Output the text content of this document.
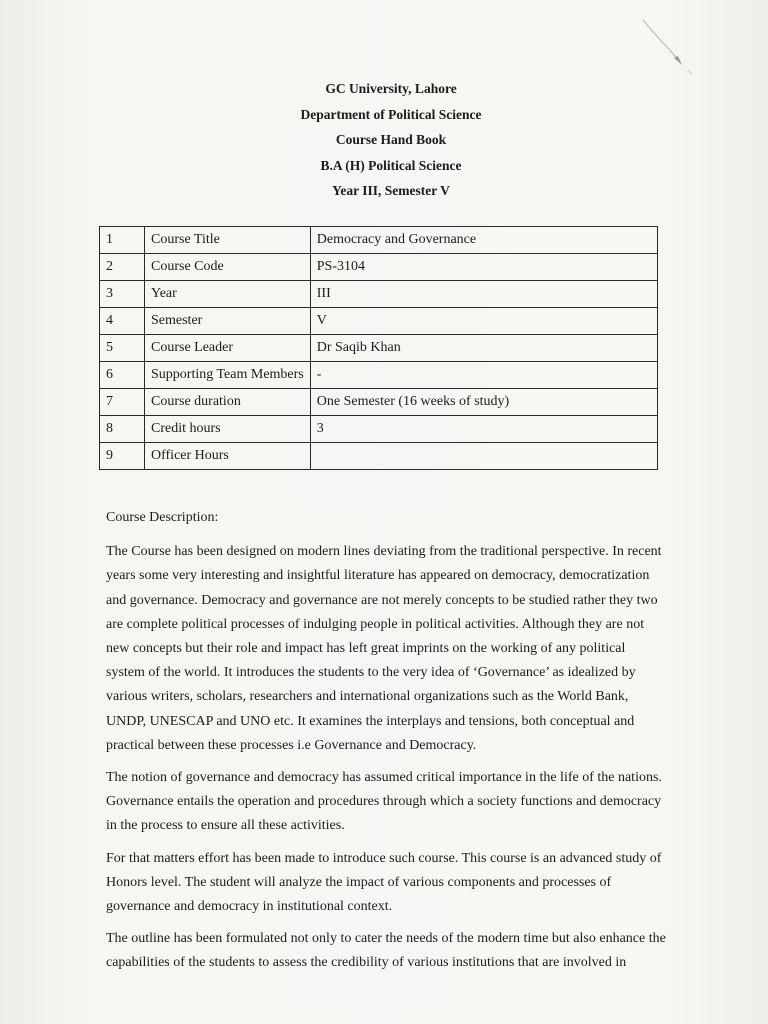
GC University, Lahore
Department of Political Science
Course Hand Book
B.A (H) Political Science
Year III, Semester V
1	Course Title	Democracy and Governance
2	Course Code	PS-3104
3	Year	III
4	Semester	V
5	Course Leader	Dr Saqib Khan
6	Supporting Team Members	-
7	Course duration	One Semester (16 weeks of study)
8	Credit hours	3
9	Officer Hours	

Course Description:

The Course has been designed on modern lines deviating from the traditional perspective. In recent years some very interesting and insightful literature has appeared on democracy, democratization and governance. Democracy and governance are not merely concepts to be studied rather they two are complete political processes of indulging people in political activities. Although they are not new concepts but their role and impact has left great imprints on the working of any political system of the world. It introduces the students to the very idea of ‘Governance’ as idealized by various writers, scholars, researchers and international organizations such as the World Bank, UNDP, UNESCAP and UNO etc. It examines the interplays and tensions, both conceptual and practical between these processes i.e Governance and Democracy.

The notion of governance and democracy has assumed critical importance in the life of the nations. Governance entails the operation and procedures through which a society functions and democracy in the process to ensure all these activities.

For that matters effort has been made to introduce such course. This course is an advanced study of Honors level. The student will analyze the impact of various components and processes of governance and democracy in institutional context.

The outline has been formulated not only to cater the needs of the modern time but also enhance the capabilities of the students to assess the credibility of various institutions that are involved in
